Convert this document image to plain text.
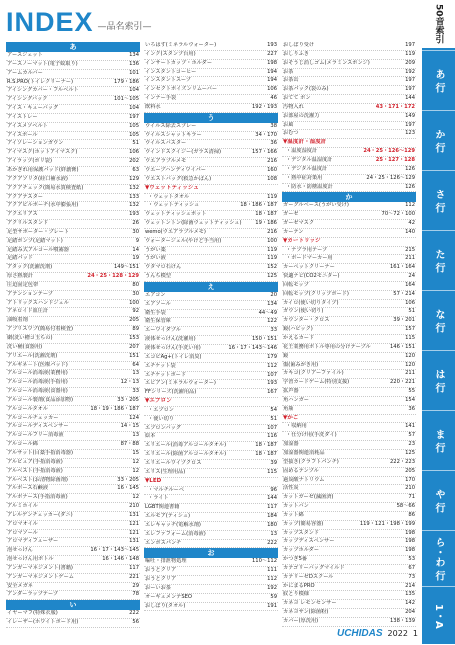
INDEX —品名索引—
あ
アースジェット	134
アースノーマット(電子蚊取り)	136
アームカルバー	101
R.S.PRO(トイレクリーナー)	179・186
アイシングカバー・フルベルト	104
アイシングバック	101～105
アイス・キューバッグ	104
アイストレー	197
アイスメソベルト	105
アイスボール	105
アイソレーションガウン	51
アイマスク(ホットアイマスク)	106
アイラップ(ポリ袋)	202
あかぎれ用保護パッド(絆創膏)	63
アクアソリタ(経口補水液)	129
アクアチェック(簡易水質検査紙)	132
アクアテスター	133
アクアピルポーチ(水中膨張用)	132
アクエリアス	193
アクリルスタンド	26
足型サポーター・ブレート	30
足踏ポンプ(足踏マット)	9
足踏み式アルコール噴霧器	14
足踏パッド	19
アタック(洗濯洗剤)	149～151
厚さ熱製計	24・25・128・129
圧迫固定包帯	80
アテンションテープ	30
アトリックスハンドジェル	100
アネロイド血圧計	92
油吸着剤	205
アブリスワブ(簡易付着検査)	89
網(洗い槽コ玉ちの)	153
洗い桶(食器用)	207
アリエール(洗濯洗剤)	151
アルギネ－ト(医療パッド)	64
アルコール消毒液(業務用)	13
アルコール消毒液(手指用)	12・13
アルコール消毒液(食器用)	33
アルコール製剤(食品添加物)	33・205
アルコールタオル	18・19・186・187
アルコールチェッカー	124
アルコールディスペンサー	14・15
アルコールフリー消毒液	13
アルコール綿	87・88
アルサット(目薬手指消毒器)	15
アルピュア(手指消毒液)	12
アルベスト(手指消毒液)	12
アルベスト(お清物除菌剤)	33・205
アルボース石鹸液	16・145
アルボナース(手指消毒液)	12
アルミホイル	210
アレルゲンチェッカー(ダニ)	131
アロマオイル	121
アロマソール	121
アロマディフューザー	131
泡せっけん	16・17・143～145
泡せっけん用ボトル	16・146・148
アンガーマネジメント(書籍)	117
アンガーマネジメントゲーム	221
安全メガネ	29
アンダーラップテープ	78
い
イヤーマフ(特殊衣服)	222
イレーザー(ホワイトボード用)	56
いろはす(ミネラルウォーター)	193
インク(スタンプ台用)	227
インサートカップ・ホルダー	198
インスタントコーヒー	194
インスタントスープ	194
インセクトポイズンリムーバー	106
インナー手袋	46
飲料水	192・193
う
ウイルス除去スプレー	38
ウイルスシャットキラー	34・170
ウイルスバスター	36
ウインドスクイジー(ガラス清掃)	157・166
ウエアラブルメモ	216
ウエーブハンディワイパー	160
ウエストバッグ(救急かばん)	108
▼ウェットティッシュ
・ウェットタオル	119
・ウェットティッシュ	18・186・187
ウェットティッシュポット	18・187
ウェットントン(除菌ウェットティッシュ)	19・186
wemo(ウエアラブルメモ)	216
ウォータージェル(やけど手当用)	100
うがい薬	119
うがい液	119
ウタマロ石けん	152
うんち模型	125
え
エアコン	20
エアソール	134
衛生手袋	44～49
衛生保管庫	122
エーワイダブル	33
液体せっけん(洗濯用)	150・151
液体せっけん(手洗い用)	16・17・143～146
エコピAg+(トイレ消臭)	179
エチケット袋	112
エチケットボード	107
エビアン(ミネラルウォーター)	193
FFシリーズ(洗濯用品)	167
▼エプロン
・エプロン	54
・使い切り	51
エプロンバッグ	107
絵本	116
エリエール(消毒アルコールタオル)	18・187
エリエール(除菌アルコールタオル)	18・187
エリエールワイプクロス	39
エリス(生理用品)	115
▼LED
・マルチルーペ	96
・ライト	144
LGBT関連書籍	117
エルモア(ティシュ)	184
エレキャッチ(電解水剤)	180
エレファフォーム(消毒液)	13
エンボスパンチ	222
お
嘔吐・排泄物処理	110～112
おうとクリア	111
おうとクリア	112
おーいお茶	192
オーギュメンテSEO	59
おしぼり(タオル)	191
おしぼり受け	197
おしりふき	119
おそうじ消しゴム(メラミンスポンジ)	209
お茶	192
お茶缶	197
お茶パック(袋のみ)	197
おてて ボン	144
汚物入れ	43・171・172
お部屋の洗濯力	149
お風	197
おむつ	123
▼温度計・湿度計
・温度湿度計	24・25・126～129
・デジタル温湿度計	25・127・128
・デジタル温度計	126
・熱中症対策用	24・25・126～129
・防水・防塵温度計	126
か
ガーグルベース(うがい受け)	112
ガーゼ	70～72・100
ガーゼマスク	42
カーテン	140
▼カートリッジ
・ナプラ用テープ	215
・ボードマーカー用	211
カーペットクリーナー	161・164
快適ナビ(CO2モニター)	24
回転モップ	164
回転モップ(クリップボード)	57・214
カイロ(使い切りタイプ)	106
ガウン(使い切り)	51
カウンター・クロス	39・201
鏡(ハピック)	157
かえるカード	115
花王業務用ボトル専用の分けテーブル	146・151
鏡	120
傷(歯みがき用)	120
カキコ(クリアーファイル)	211
学習カードゲーム(特別支援)	220・221
拡声器	55
角ハンガー	154
角瓶	36
▼かご
・収納用	141
・仕分け用(手洗ダイ)	57
加湿器	23
加湿器関連消耗品	125
型抜き(クラフトパンチ)	222・223
固めるテンプル	205
過炭酸ナトリウム	170
活性炭	210
カットガーゼ(滅菌済)	71
カットバン	58～66
カット綿	86
カップ(簡易容器)	119・121・198・199
カップスタンド	198
カップディスペンサー	198
カップホルダー	198
かつぎ5番	53
カテゴリーバッグマイルド	67
カテリーゼDスクール	73
かにまるPRO	214
紋とり模様	135
カネヨ レモンセンサー	142
カネヨサン(除菌粉)	204
カバー(厚洗用)	138・139
50音索引
あ 行
か 行
さ 行
た 行
な 行
は 行
ま 行
や 行
ら・わ 行
1・A
UCHIDAS 2022 1
